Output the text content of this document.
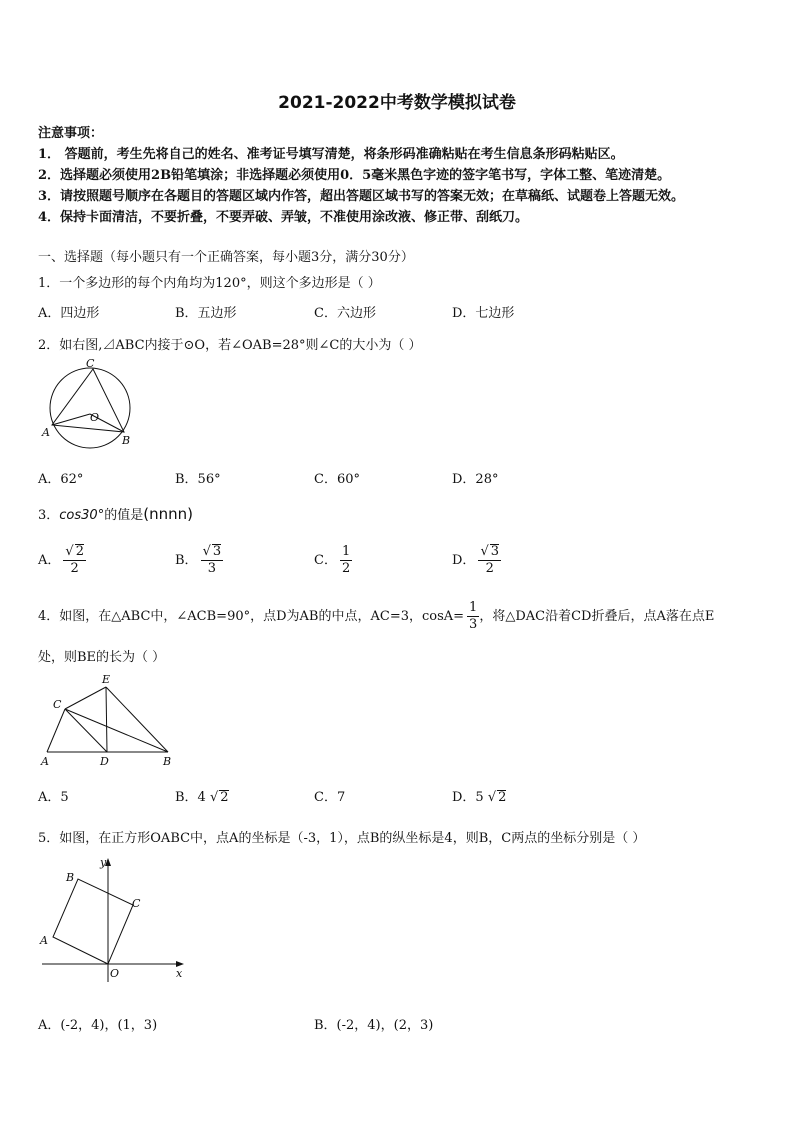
2021-2022中考数学模拟试卷
注意事项：
1． 答题前，考生先将自己的姓名、准考证号填写清楚，将条形码准确粘贴在考生信息条形码粘贴区。
2．选择题必须使用2B铅笔填涂；非选择题必须使用0．5毫米黑色字迹的签字笔书写，字体工整、笔迹清楚。
3．请按照题号顺序在各题目的答题区域内作答，超出答题区域书写的答案无效；在草稿纸、试题卷上答题无效。
4．保持卡面清洁，不要折叠，不要弄破、弄皱，不准使用涂改液、修正带、刮纸刀。
一、选择题（每小题只有一个正确答案，每小题3分，满分30分）
1．一个多边形的每个内角均为120°，则这个多边形是（ ）
A．四边形	B．五边形	C．六边形	D．七边形
2．如右图,⊿ABC内接于⊙O，若∠OAB=28°则∠C的大小为（ ）
C
O
A
B
A．62°	B．56°	C．60°	D．28°
3．cos30°的值是(nnnn)
A． $\frac{√ 2}{2}$	B． $\frac{√ 3}{3}$	C． $\frac{1}{2}$	D． $\frac{√ 3}{2}$
4．如图，在△ABC中，∠ACB=90°，点D为AB的中点，AC=3，$\cos A= \frac{1}{3}$ ，将△DAC沿着CD折叠后，点A落在点E
处，则BE的长为（ ）
E
C
A	D	B
A．5	B．4 √ 2	C．7	D．5 √ 2
5．如图，在正方形OABC中，点A的坐标是（-3，1），点B的纵坐标是4，则B，C两点的坐标分别是（ ）
y
B
C
A
O	x
A．(-2，4)，(1，3)	B．(-2，4)，(2，3)
